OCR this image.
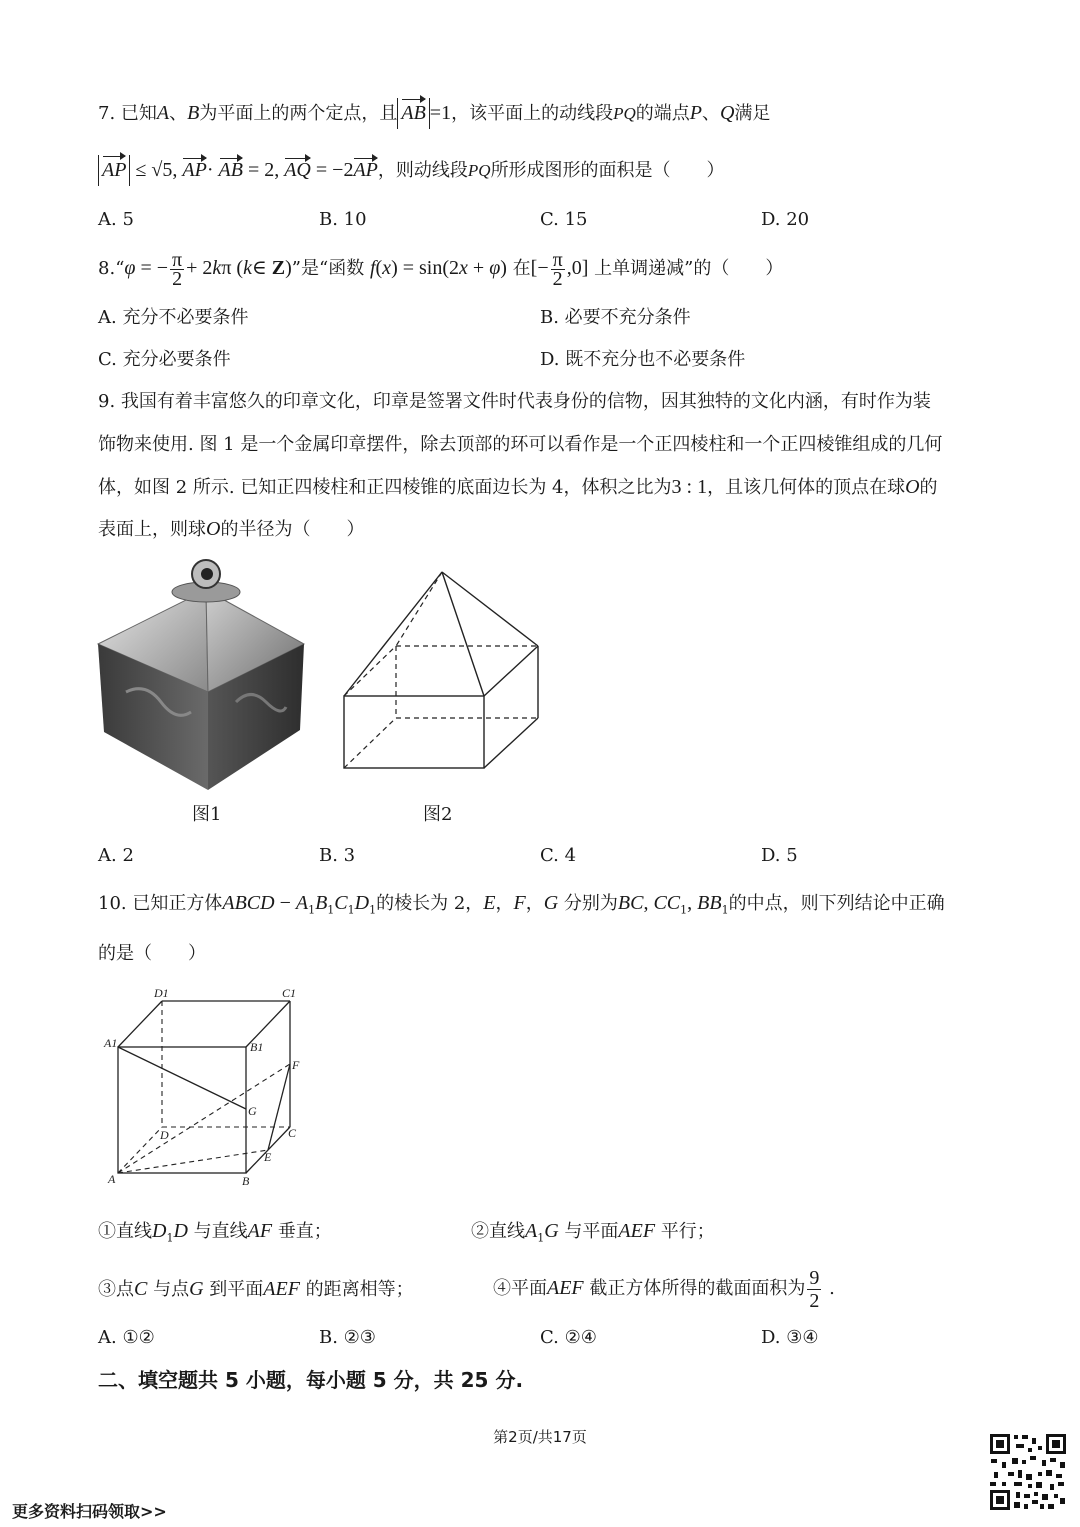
7. 已知A、B为平面上的两个定点，且 AB =1，该平面上的动线段PQ的端点P、Q满足
AP ≤ √5, AP· AB = 2, AQ = −2AP，则动线段PQ所形成图形的面积是（　　）
A. 5	B. 10	C. 15	D. 20
8.“φ = − $\frac{\pi}{2} + 2k\pi$ (k∈ Z)”是“函数 f(x) = sin(2x + φ) 在[− $\frac{\pi}{2} ,0$] 上单调递减”的（　　）
A. 充分不必要条件	B. 必要不充分条件
C. 充分必要条件	D. 既不充分也不必要条件
9. 我国有着丰富悠久的印章文化，印章是签署文件时代表身份的信物，因其独特的文化内涵，有时作为装
饰物来使用. 图 1 是一个金属印章摆件，除去顶部的环可以看作是一个正四棱柱和一个正四棱锥组成的几何
体，如图 2 所示. 已知正四棱柱和正四棱锥的底面边长为 4，体积之比为3 : 1，且该几何体的顶点在球O的
表面上，则球O的半径为（　　）
图1	图2
A. 2	B. 3	C. 4	D. 5
10. 已知正方体ABCD − $A_1B_1C_1D_1$的棱长为 2，E，F，G 分别为BC, $CC_1$, $BB_1$的中点，则下列结论中正确
的是（　　）
D1	C1
A1	B1
F
G
D	C
E
A	B
①直线$D_1D$ 与直线AF 垂直；	②直线$A_1G$ 与平面AEF 平行；
③点C 与点G 到平面AEF 的距离相等；	④平面AEF 截正方体所得的截面面积为 $\frac{9}{2}$ .
A. ①②	B. ②③	C. ②④	D. ③④
二、填空题共 5 小题，每小题 5 分，共 25 分.
第2页/共17页
更多资料扫码领取>>
